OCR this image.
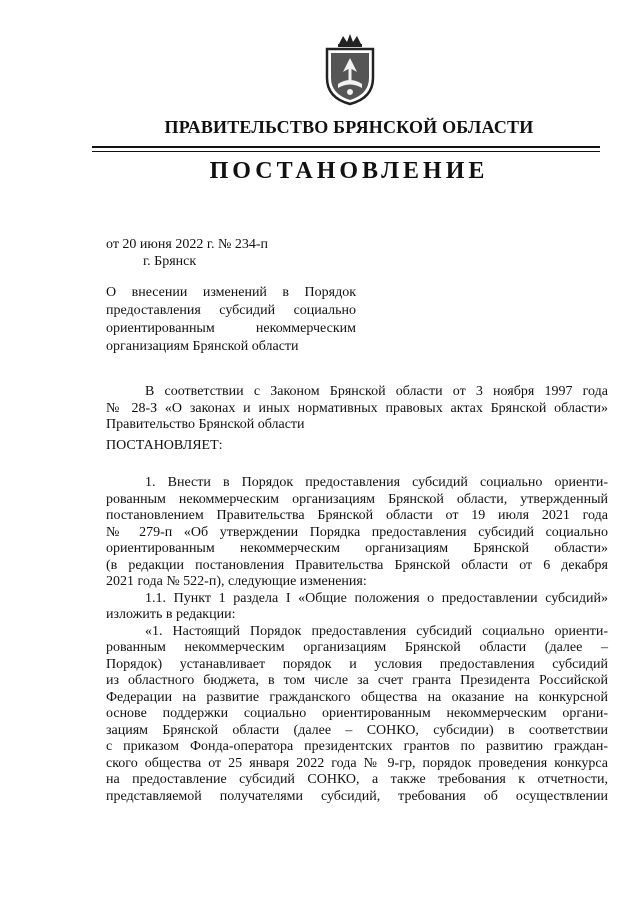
ПРАВИТЕЛЬСТВО БРЯНСКОЙ ОБЛАСТИ
ПОСТАНОВЛЕНИЕ
от 20 июня 2022 г. № 234-п
г. Брянск
О внесении изменений в Порядок
предоставления субсидий социально
ориентированным некоммерческим
организациям Брянской области
В соответствии с Законом Брянской области от 3 ноября 1997 года
№ 28-З «О законах и иных нормативных правовых актах Брянской области»
Правительство Брянской области
ПОСТАНОВЛЯЕТ:
1. Внести в Порядок предоставления субсидий социально ориенти-
рованным некоммерческим организациям Брянской области, утвержденный
постановлением Правительства Брянской области от 19 июля 2021 года
№ 279-п «Об утверждении Порядка предоставления субсидий социально
ориентированным некоммерческим организациям Брянской области»
(в редакции постановления Правительства Брянской области от 6 декабря
2021 года № 522-п), следующие изменения:
1.1. Пункт 1 раздела I «Общие положения о предоставлении субсидий»
изложить в редакции:
«1. Настоящий Порядок предоставления субсидий социально ориенти-
рованным некоммерческим организациям Брянской области (далее –
Порядок) устанавливает порядок и условия предоставления субсидий
из областного бюджета, в том числе за счет гранта Президента Российской
Федерации на развитие гражданского общества на оказание на конкурсной
основе поддержки социально ориентированным некоммерческим органи-
зациям Брянской области (далее – СОНКО, субсидии) в соответствии
с приказом Фонда-оператора президентских грантов по развитию граждан-
ского общества от 25 января 2022 года № 9-гр, порядок проведения конкурса
на предоставление субсидий СОНКО, а также требования к отчетности,
представляемой получателями субсидий, требования об осуществлении
